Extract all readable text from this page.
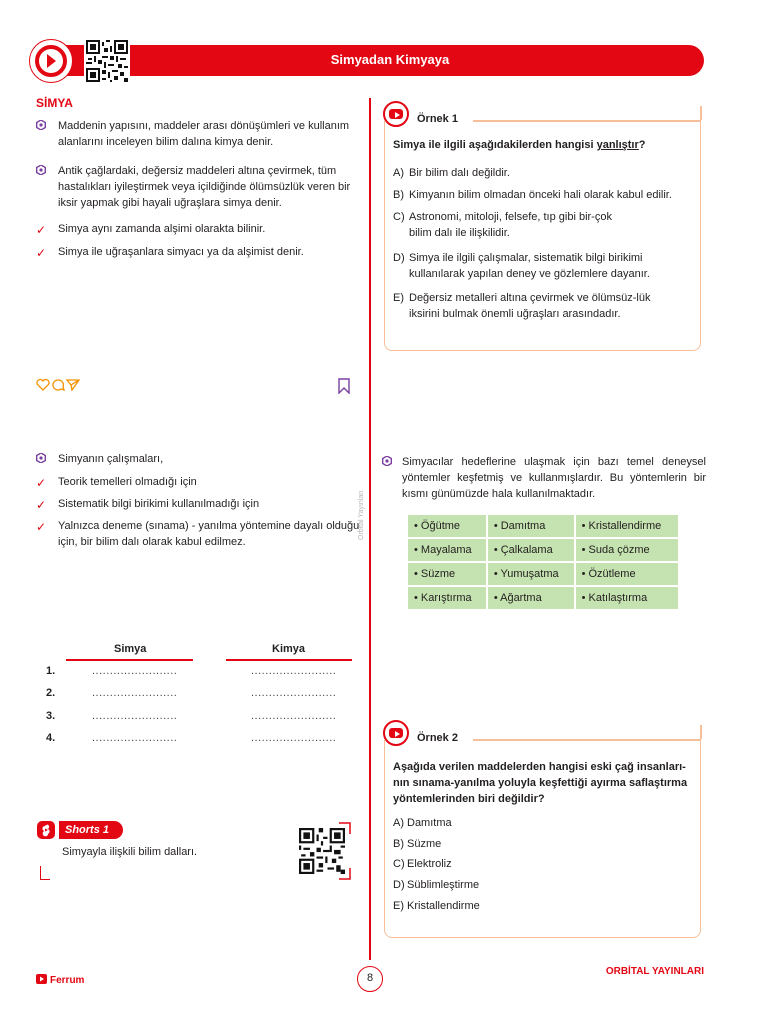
Simyadan Kimyaya
Orbital Yayınları
SİMYA
Maddenin yapısını, maddeler arası dönüşümleri ve kullanım alanlarını inceleyen bilim dalına kimya denir.
Antik çağlardaki, değersiz maddeleri altına çevirmek, tüm hastalıkları iyileştirmek veya içildiğinde ölümsüzlük veren bir iksir yapmak gibi hayali uğraşlara simya denir.
✓	Simya aynı zamanda alşimi olarakta bilinir.
✓	Simya ile uğraşanlara simyacı ya da alşimist denir.
Simyanın çalışmaları,
✓	Teorik temelleri olmadığı için
✓	Sistematik bilgi birikimi kullanılmadığı için
✓	Yalnızca deneme (sınama) - yanılma yöntemine dayalı olduğu için, bir bilim dalı olarak kabul edilmez.
Simya	Kimya
1.	........................	........................
2.	........................	........................
3.	........................	........................
4.	........................	........................
Shorts 1
Simyayla ilişkili bilim dalları.
Örnek 1
Simya ile ilgili aşağıdakilerden hangisi yanlıştır?
A) Bir bilim dalı değildir.
B) Kimyanın bilim olmadan önceki hali olarak kabul edilir.
C) Astronomi, mitoloji, felsefe, tıp gibi bir-çok bilim dalı ile ilişkilidir.
D) Simya ile ilgili çalışmalar, sistematik bilgi birikimi kullanılarak yapılan deney ve gözlemlere dayanır.
E) Değersiz metalleri altına çevirmek ve ölümsüz-lük iksirini bulmak önemli uğraşları arasındadır.
Simyacılar hedeflerine ulaşmak için bazı temel deneysel yöntemler keşfetmiş ve kullanmışlardır. Bu yöntemlerin bir kısmı günümüzde hala kullanılmaktadır.
• Öğütme	• Damıtma	• Kristallendirme
• Mayalama	• Çalkalama	• Suda çözme
• Süzme	• Yumuşatma	• Özütleme
• Karıştırma	• Ağartma	• Katılaştırma
Örnek 2
Aşağıda verilen maddelerden hangisi eski çağ insanları-nın sınama-yanılma yoluyla keşfettiği ayırma saflaştırma yöntemlerinden biri değildir?
A) Damıtma
B) Süzme
C) Elektroliz
D) Süblimleştirme
E) Kristallendirme
Ferrum	8
ORBİTAL YAYINLARI
